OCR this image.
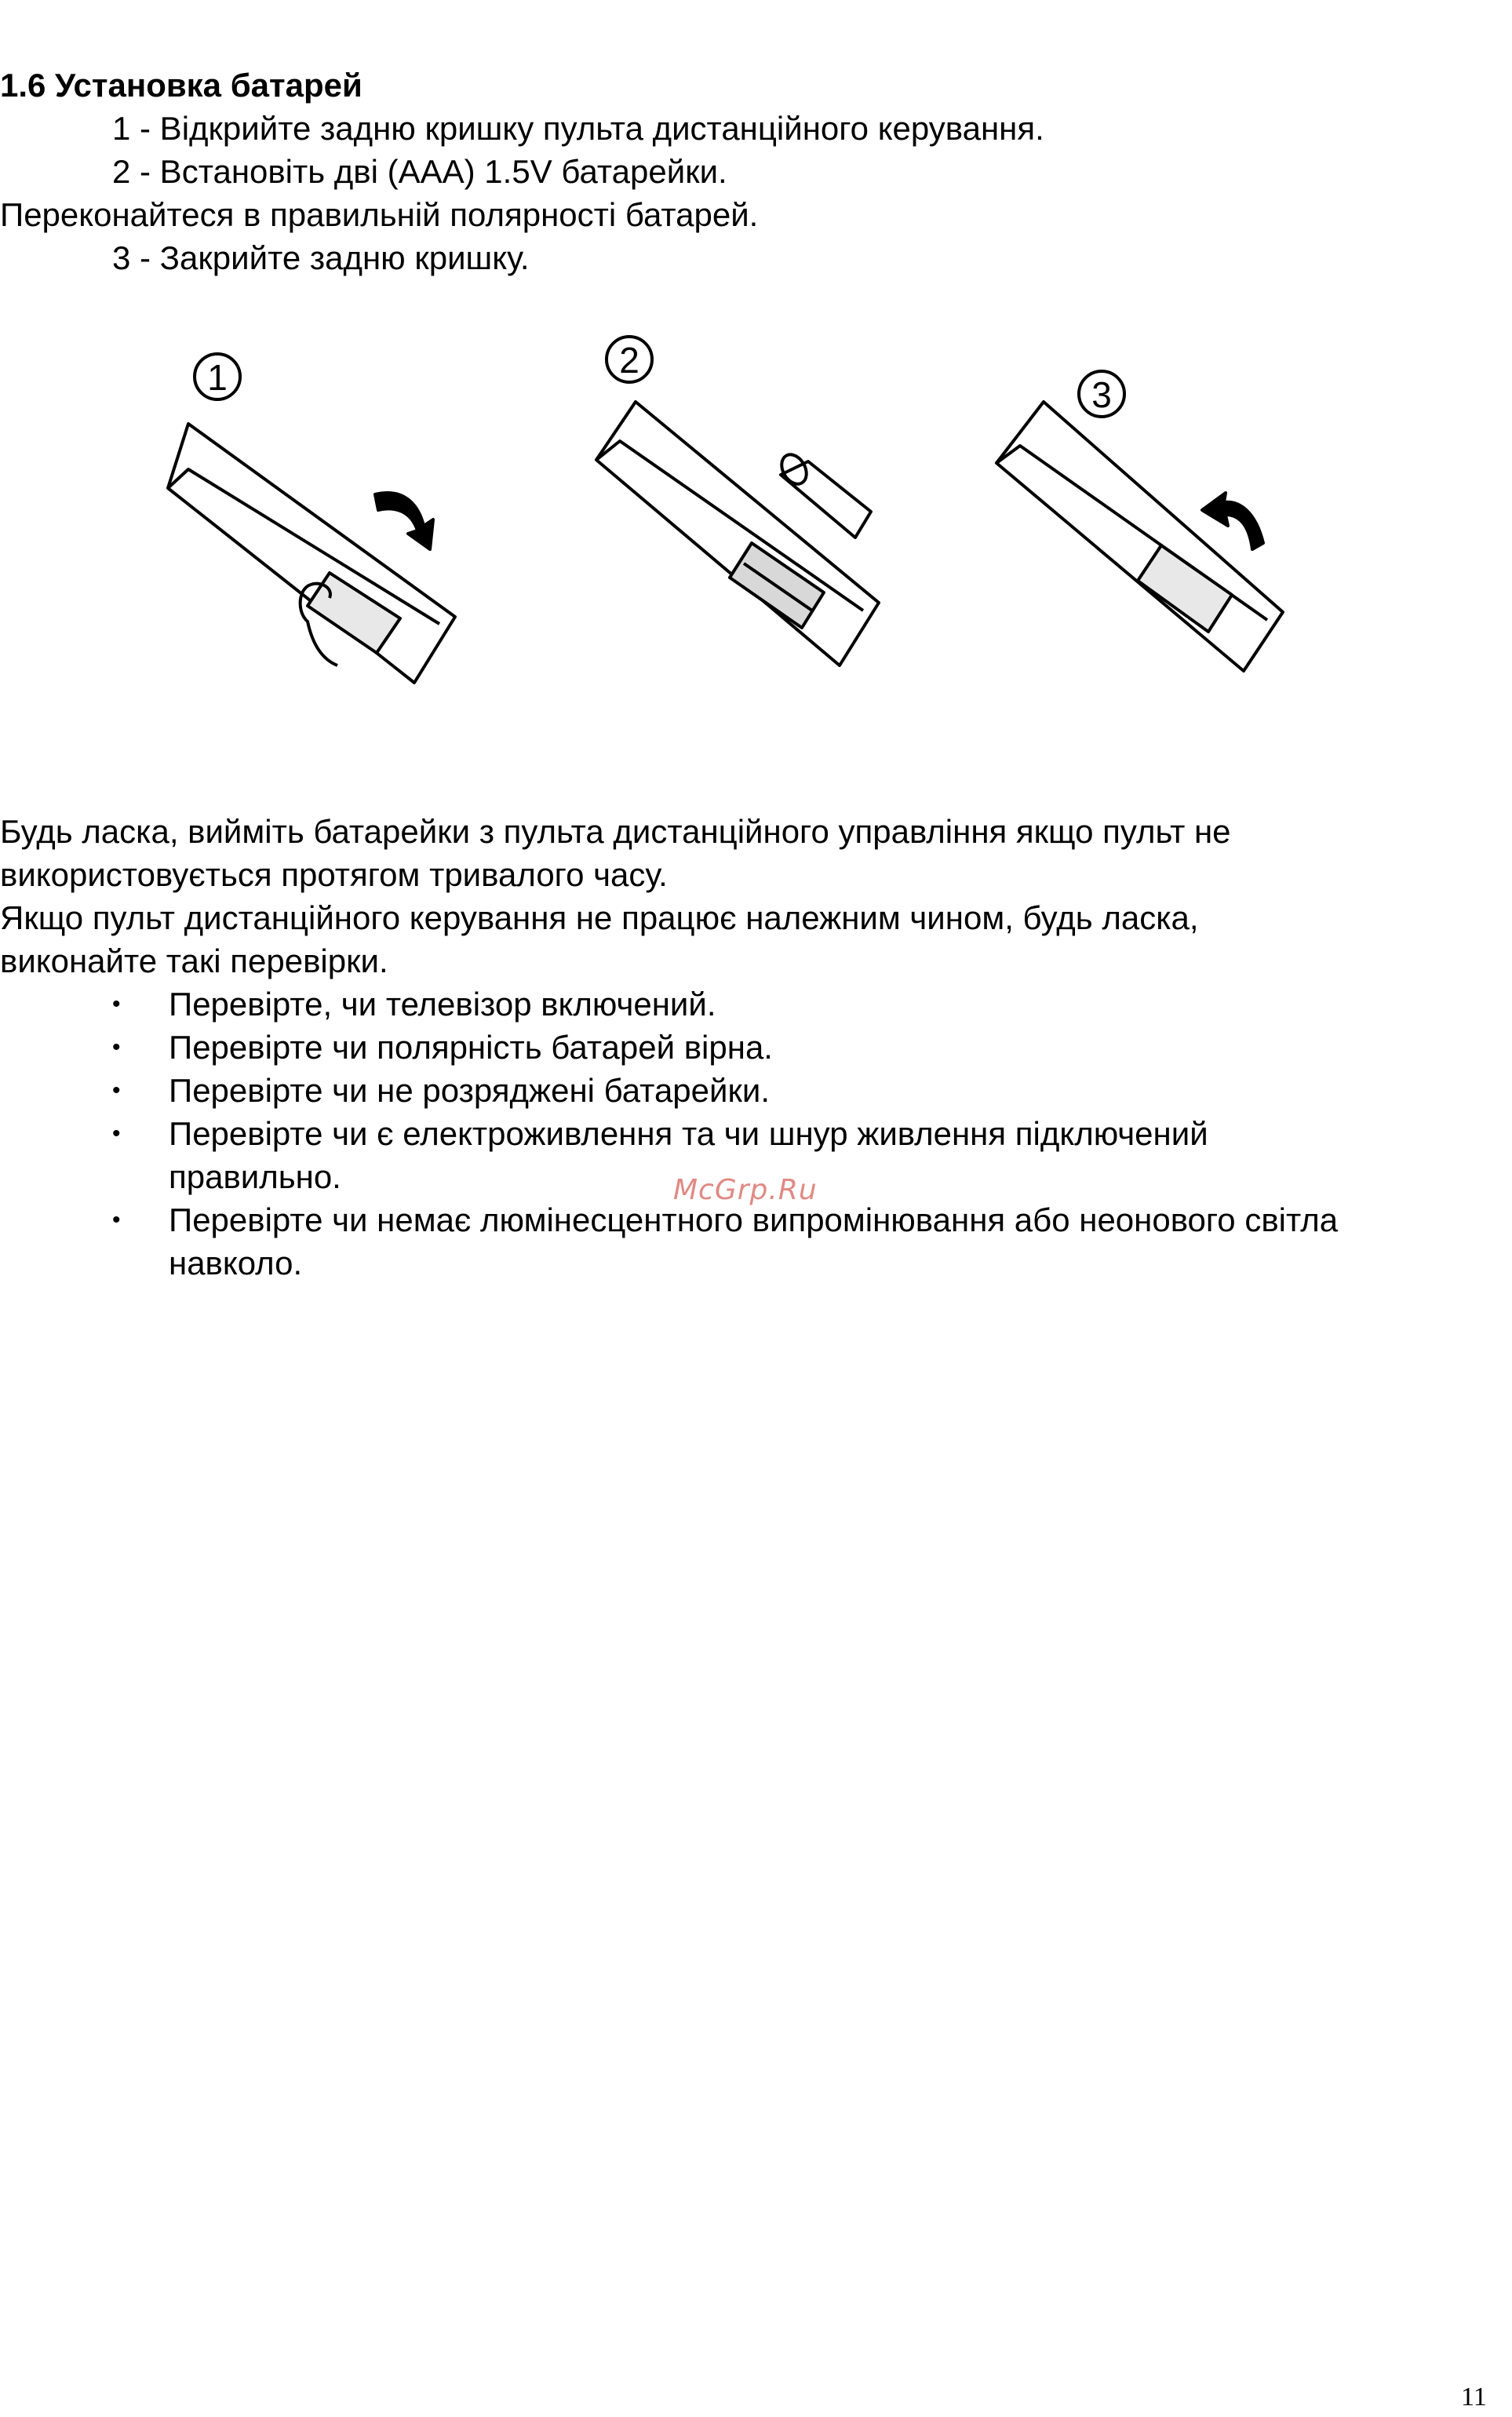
1.6 Установка батарей
1 - Відкрийте задню кришку пульта дистанційного керування.
2 - Встановіть дві (ААА) 1.5V батарейки.
Переконайтеся в правильній полярності батарей.
3 - Закрийте задню кришку.
1	2
3
Будь ласка, вийміть батарейки з пульта дистанційного управління якщо пульт не
використовується протягом тривалого часу.
Якщо пульт дистанційного керування не працює належним чином, будь ласка,
виконайте такі перевірки.
• Перевірте, чи телевізор включений.
• Перевірте чи полярність батарей вірна.
• Перевірте чи не розряджені батарейки.
• Перевірте чи є електроживлення та чи шнур живлення підключений
правильно.
• Перевірте чи немає люмінесцентного випромінювання або неонового світла
навколо.
McGrp.Ru
11
